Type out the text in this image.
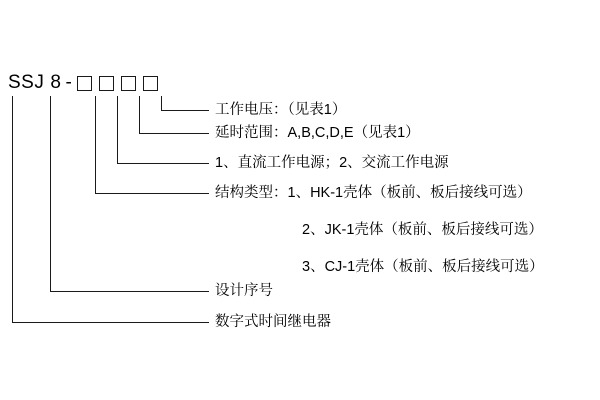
SSJ 8 -
工作电压：（见表1）
延时范围：A,B,C,D,E（见表1）
1、直流工作电源；2、交流工作电源
结构类型：1、HK-1壳体（板前、板后接线可选）
2、JK-1壳体（板前、板后接线可选）
3、CJ-1壳体（板前、板后接线可选）
设计序号
数字式时间继电器
